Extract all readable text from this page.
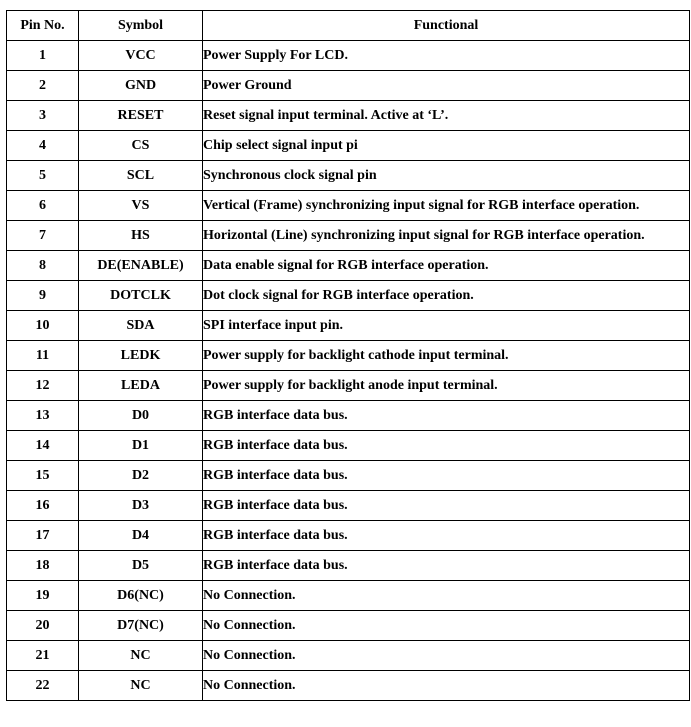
Pin No.	Symbol	Functional
1	VCC	Power Supply For LCD.
2	GND	Power Ground
3	RESET	Reset signal input terminal. Active at ‘L’.
4	CS	Chip select signal input pi
5	SCL	Synchronous clock signal pin
6	VS	Vertical (Frame) synchronizing input signal for RGB interface operation.
7	HS	Horizontal (Line) synchronizing input signal for RGB interface operation.
8	DE(ENABLE)	Data enable signal for RGB interface operation.
9	DOTCLK	Dot clock signal for RGB interface operation.
10	SDA	SPI interface input pin.
11	LEDK	Power supply for backlight cathode input terminal.
12	LEDA	Power supply for backlight anode input terminal.
13	D0	RGB interface data bus.
14	D1	RGB interface data bus.
15	D2	RGB interface data bus.
16	D3	RGB interface data bus.
17	D4	RGB interface data bus.
18	D5	RGB interface data bus.
19	D6(NC)	No Connection.
20	D7(NC)	No Connection.
21	NC	No Connection.
22	NC	No Connection.
